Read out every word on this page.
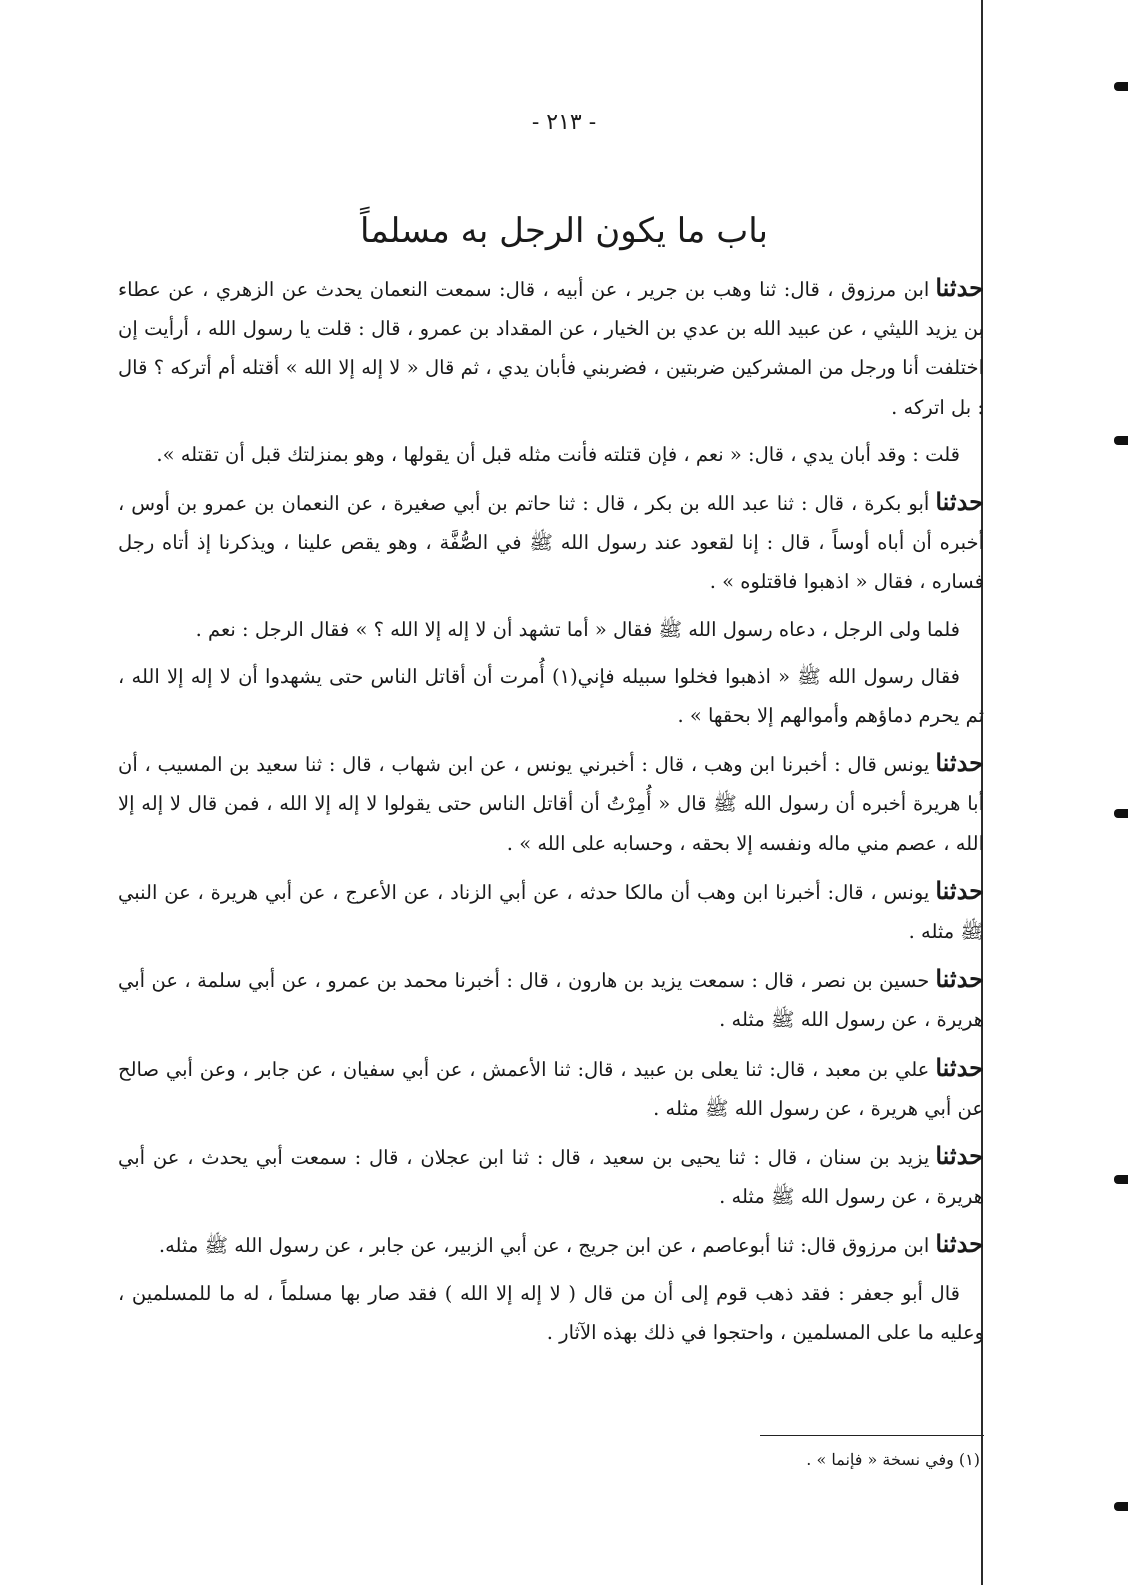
- ٢١٣ -
باب ما يكون الرجل به مسلماً

حدثناابن مرزوق ، قال: ثنا وهب بن جرير ، عن أبيه ، قال: سمعت النعمان يحدث عن الزهري ، عن عطاء بن يزيد الليثي ، عن عبيد الله بن عدي بن الخيار ، عن المقداد بن عمرو ، قال : قلت يا رسول الله ، أرأيت إن اختلفت أنا ورجل من المشركين ضربتين ، فضربني فأبان يدي ، ثم قال « لا إله إلا الله » أقتله أم أتركه ؟ قال : بل اتركه .

قلت : وقد أبان يدي ، قال: « نعم ، فإن قتلته فأنت مثله قبل أن يقولها ، وهو بمنزلتك قبل أن تقتله ».

حدثناأبو بكرة ، قال : ثنا عبد الله بن بكر ، قال : ثنا حاتم بن أبي صغيرة ، عن النعمان بن عمرو بن أوس ، أخبره أن أباه أوساً ، قال : إنا لقعود عند رسول الله ﷺ في الصُّفَّة ، وهو يقص علينا ، ويذكرنا إذ أتاه رجل فساره ، فقال « اذهبوا فاقتلوه » .

فلما ولى الرجل ، دعاه رسول الله ﷺ فقال « أما تشهد أن لا إله إلا الله ؟ » فقال الرجل : نعم .

فقال رسول الله ﷺ « اذهبوا فخلوا سبيله فإني(١) أُمرت أن أقاتل الناس حتى يشهدوا أن لا إله إلا الله ، ثم يحرم دماؤهم وأموالهم إلا بحقها » .

حدثنايونس قال : أخبرنا ابن وهب ، قال : أخبرني يونس ، عن ابن شهاب ، قال : ثنا سعيد بن المسيب ، أن أبا هريرة أخبره أن رسول الله ﷺ قال « أُمِرْتُ أن أقاتل الناس حتى يقولوا لا إله إلا الله ، فمن قال لا إله إلا الله ، عصم مني ماله ونفسه إلا بحقه ، وحسابه على الله » .

حدثنايونس ، قال: أخبرنا ابن وهب أن مالكا حدثه ، عن أبي الزناد ، عن الأعرج ، عن أبي هريرة ، عن النبي ﷺ مثله .

حدثناحسين بن نصر ، قال : سمعت يزيد بن هارون ، قال : أخبرنا محمد بن عمرو ، عن أبي سلمة ، عن أبي هريرة ، عن رسول الله ﷺ مثله .

حدثناعلي بن معبد ، قال: ثنا يعلى بن عبيد ، قال: ثنا الأعمش ، عن أبي سفيان ، عن جابر ، وعن أبي صالح عن أبي هريرة ، عن رسول الله ﷺ مثله .

حدثنايزيد بن سنان ، قال : ثنا يحيى بن سعيد ، قال : ثنا ابن عجلان ، قال : سمعت أبي يحدث ، عن أبي هريرة ، عن رسول الله ﷺ مثله .

حدثناابن مرزوق قال: ثنا أبوعاصم ، عن ابن جريج ، عن أبي الزبير، عن جابر ، عن رسول الله ﷺ مثله.

قال أبو جعفر : فقد ذهب قوم إلى أن من قال ( لا إله إلا الله ) فقد صار بها مسلماً ، له ما للمسلمين ، وعليه ما على المسلمين ، واحتجوا في ذلك بهذه الآثار .

(١) وفي نسخة « فإنما » .
